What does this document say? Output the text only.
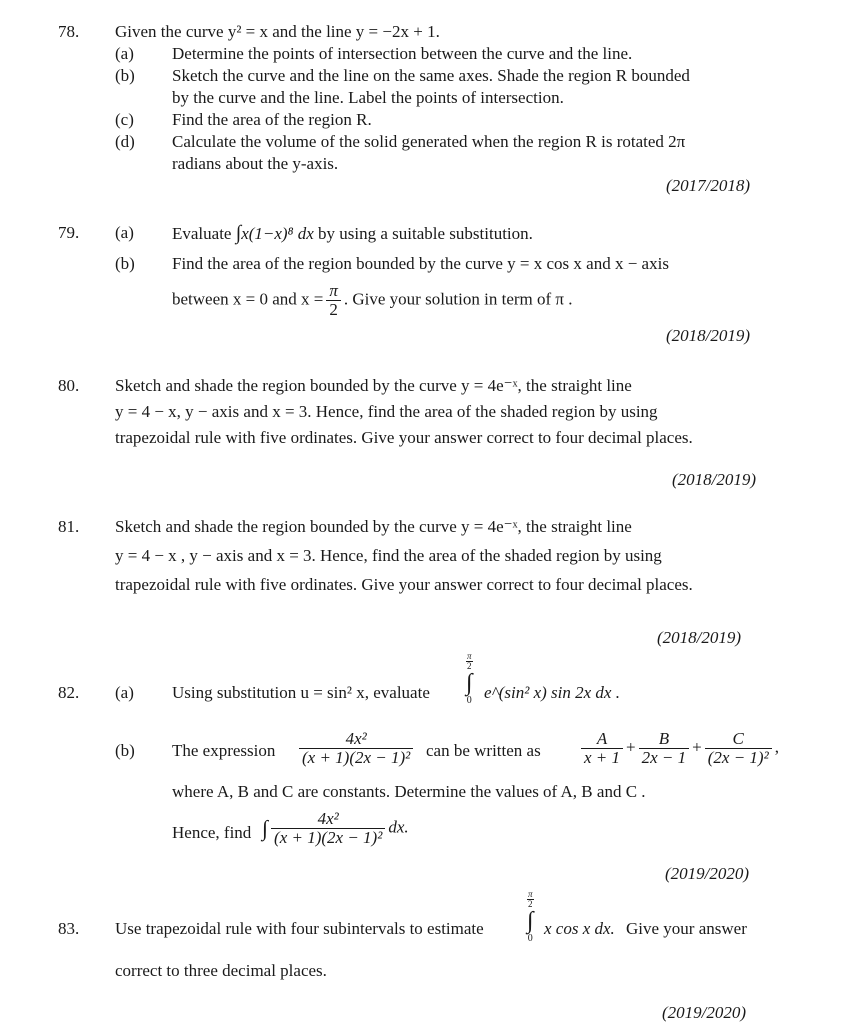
78. Given the curve y² = x and the line y = −2x + 1.
(a) Determine the points of intersection between the curve and the line.
(b) Sketch the curve and the line on the same axes. Shade the region R bounded
by the curve and the line. Label the points of intersection.
(c) Find the area of the region R.
(d) Calculate the volume of the solid generated when the region R is rotated 2π
radians about the y-axis.
(2017/2018)
79. (a) Evaluate ∫x(1−x)⁸ dx by using a suitable substitution.
(b) Find the area of the region bounded by the curve y = x cos x and x − axis
between x = 0 and $x = \frac{\pi}{2}$ . Give your solution in term of π .
(2018/2019)
80. Sketch and shade the region bounded by the curve y = 4e⁻ˣ, the straight line
y = 4 − x, y − axis and x = 3. Hence, find the area of the shaded region by using
trapezoidal rule with five ordinates. Give your answer correct to four decimal places.
(2018/2019)
81. Sketch and shade the region bounded by the curve y = 4e⁻ˣ, the straight line
y = 4 − x , y − axis and x = 3. Hence, find the area of the shaded region by using
trapezoidal rule with five ordinates. Give your answer correct to four decimal places.
(2018/2019)
82. (a) Using substitution u = sin² x, evaluate
$\frac{\pi}{2}$
∫
0 e^(sin² x) sin 2x dx .
(b) The expression $\frac{\text{4x²}}{\text{(x + 1)(2x − 1)²}}$ can be written as $\frac{A}{x + 1} + \frac{B}{2x - 1} + \frac{C}{\text{(2x − 1)²}}$ ,
where A, B and C are constants. Determine the values of A, B and C .
Hence, find ∫ $\frac{\text{4x²}}{\text{(x + 1)(2x − 1)²}}$ dx.
(2019/2020)
83. Use trapezoidal rule with four subintervals to estimate
$\frac{\pi}{2}$
∫
0
x cos x dx. Give your answer
correct to three decimal places.
(2019/2020)
